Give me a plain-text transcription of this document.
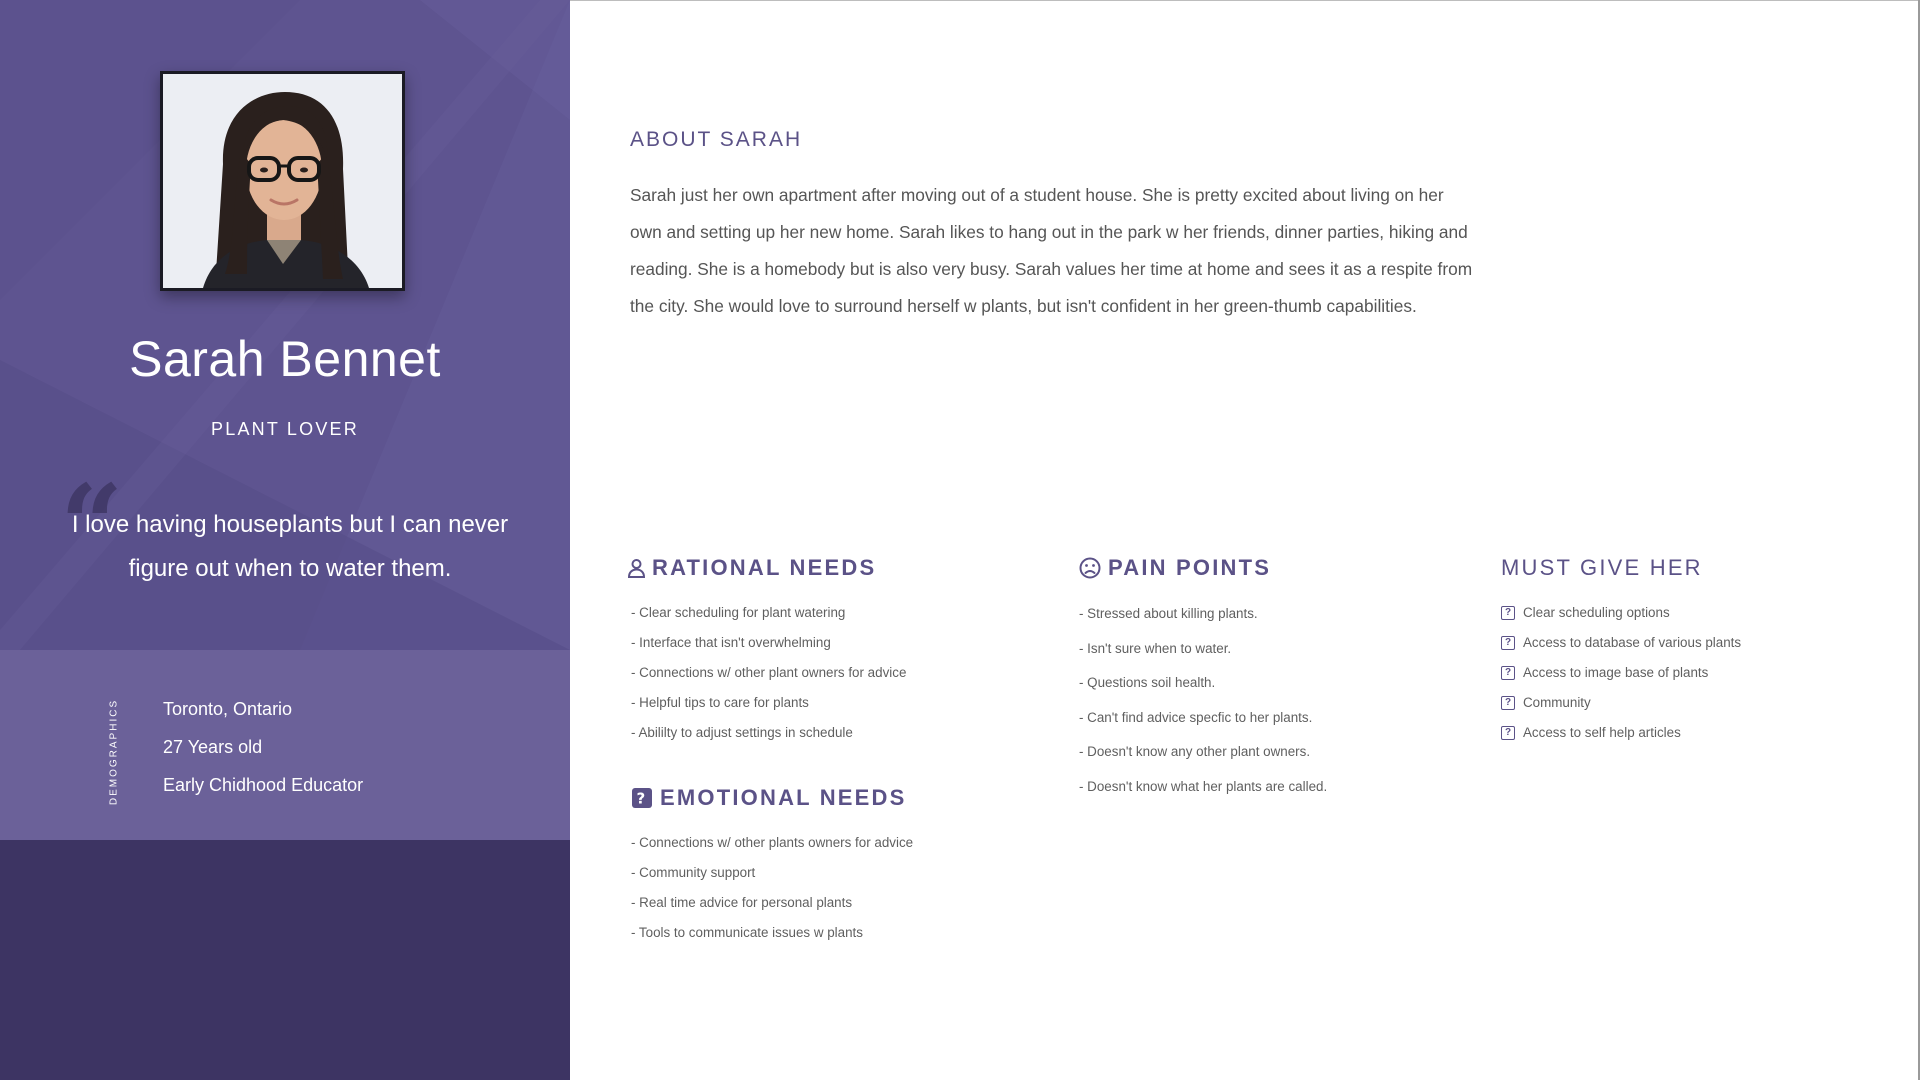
Sarah Bennet
PLANT LOVER
“
I love having houseplants but I can never figure out when to water them.
DEMOGRAPHICS Toronto, Ontario
27 Years old
Early Chidhood Educator
ABOUT SARAH

Sarah just her own apartment after moving out of a student house. She is pretty excited about living on her own and setting up her new home. Sarah likes to hang out in the park w her friends, dinner parties, hiking and reading. She is a homebody but is also very busy. Sarah values her time at home and sees it as a respite from the city. She would love to surround herself w plants, but isn't confident in her green-thumb capabilities.

RATIONAL NEEDS
- Clear scheduling for plant watering
- Interface that isn't overwhelming
- Connections w/ other plant owners for advice
- Helpful tips to care for plants
- Abililty to adjust settings in schedule
? EMOTIONAL NEEDS
- Connections w/ other plants owners for advice
- Community support
- Real time advice for personal plants
- Tools to communicate issues w plants
PAIN POINTS
- Stressed about killing plants.
- Isn't sure when to water.
- Questions soil health.
- Can't find advice specfic to her plants.
- Doesn't know any other plant owners.
- Doesn't know what her plants are called.
MUST GIVE HER
? Clear scheduling options
? Access to database of various plants
? Access to image base of plants
? Community
? Access to self help articles
